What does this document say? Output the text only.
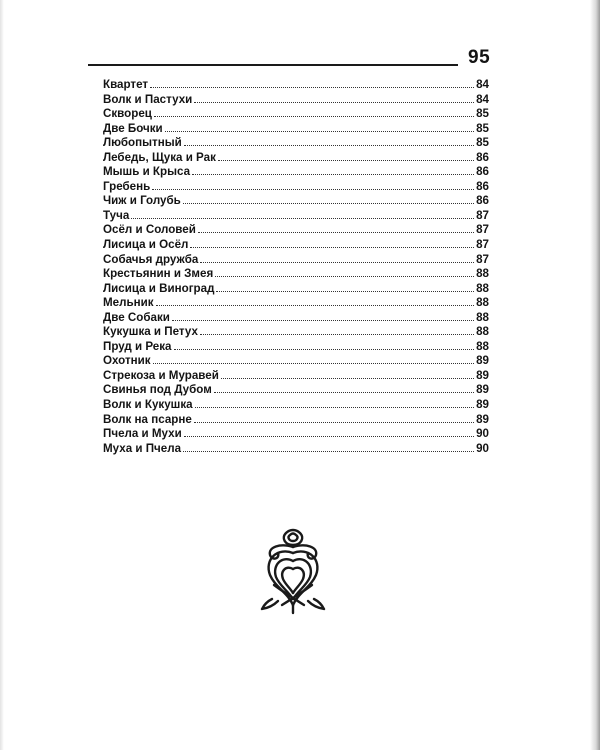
95
Квартет	84
Волк и Пастухи	84
Скворец	85
Две Бочки	85
Любопытный	85
Лебедь, Щука и Рак	86
Мышь и Крыса	86
Гребень	86
Чиж и Голубь	86
Туча	87
Осёл и Соловей	87
Лисица и Осёл	87
Собачья дружба	87
Крестьянин и Змея	88
Лисица и Виноград	88
Мельник	88
Две Собаки	88
Кукушка и Петух	88
Пруд и Река	88
Охотник	89
Стрекоза и Муравей	89
Свинья под Дубом	89
Волк и Кукушка	89
Волк на псарне	89
Пчела и Мухи	90
Муха и Пчела	90
